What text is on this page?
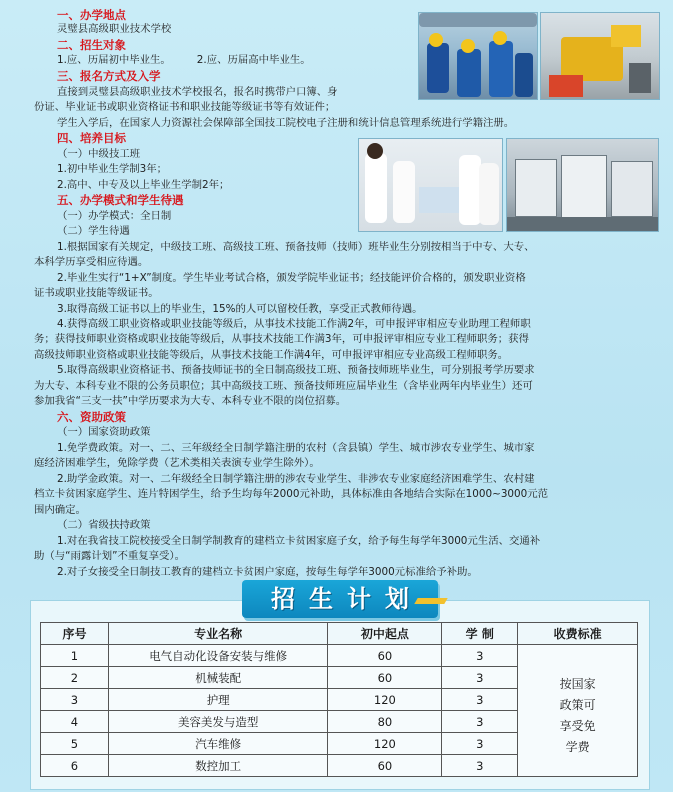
一、办学地点
灵璧县高级职业技术学校
二、招生对象
1.应、历届初中毕业生。　　　2.应、历届高中毕业生。
三、报名方式及入学
直接到灵璧县高级职业技术学校报名，报名时携带户口簿、身
份证、毕业证书或职业资格证书和职业技能等级证书等有效证件；
学生入学后，在国家人力资源社会保障部全国技工院校电子注册和统计信息管理系统进行学籍注册。
四、培养目标
（一）中级技工班
1.初中毕业生学制3年；
2.高中、中专及以上毕业生学制2年；
五、办学模式和学生待遇
（一）办学模式：全日制
（二）学生待遇
1.根据国家有关规定，中级技工班、高级技工班、预备技师（技师）班毕业生分别按相当于中专、大专、
本科学历享受相应待遇。
2.毕业生实行“1+X”制度。学生毕业考试合格，颁发学院毕业证书；经技能评价合格的，颁发职业资格
证书或职业技能等级证书。
3.取得高级工证书以上的毕业生，15%的人可以留校任教，享受正式教师待遇。
4.获得高级工职业资格或职业技能等级后，从事技术技能工作满2年，可申报评审相应专业助理工程师职
务；获得技师职业资格或职业技能等级后，从事技术技能工作满3年，可申报评审相应专业工程师职务；获得
高级技师职业资格或职业技能等级后，从事技术技能工作满4年，可申报评审相应专业高级工程师职务。
5.取得高级职业资格证书、预备技师证书的全日制高级技工班、预备技师班毕业生，可分别报考学历要求
为大专、本科专业不限的公务员职位；其中高级技工班、预备技师班应届毕业生（含毕业两年内毕业生）还可
参加我省“三支一扶”中学历要求为大专、本科专业不限的岗位招募。
六、资助政策
（一）国家资助政策
1.免学费政策。对一、二、三年级经全日制学籍注册的农村（含县镇）学生、城市涉农专业学生、城市家
庭经济困难学生，免除学费（艺术类相关表演专业学生除外）。
2.助学金政策。对一、二年级经全日制学籍注册的涉农专业学生、非涉农专业家庭经济困难学生、农村建
档立卡贫困家庭学生、连片特困学生，给予生均每年2000元补助，具体标准由各地结合实际在1000~3000元范
围内确定。
（二）省级扶持政策
1.对在我省技工院校接受全日制学制教育的建档立卡贫困家庭子女，给予每生每学年3000元生活、交通补
助（与“雨露计划”不重复享受）。
2.对子女接受全日制技工教育的建档立卡贫困户家庭，按每生每学年3000元标准给予补助。
招生计划
序号	专业名称	初中起点	学 制	收费标准
1	电气自动化设备安装与维修	60	3	按国家
政策可
享受免
学费

2	机械装配	60	3	
3	护理	120	3	
4	美容美发与造型	80	3	
5	汽车维修	120	3	
6	数控加工	60	3	
